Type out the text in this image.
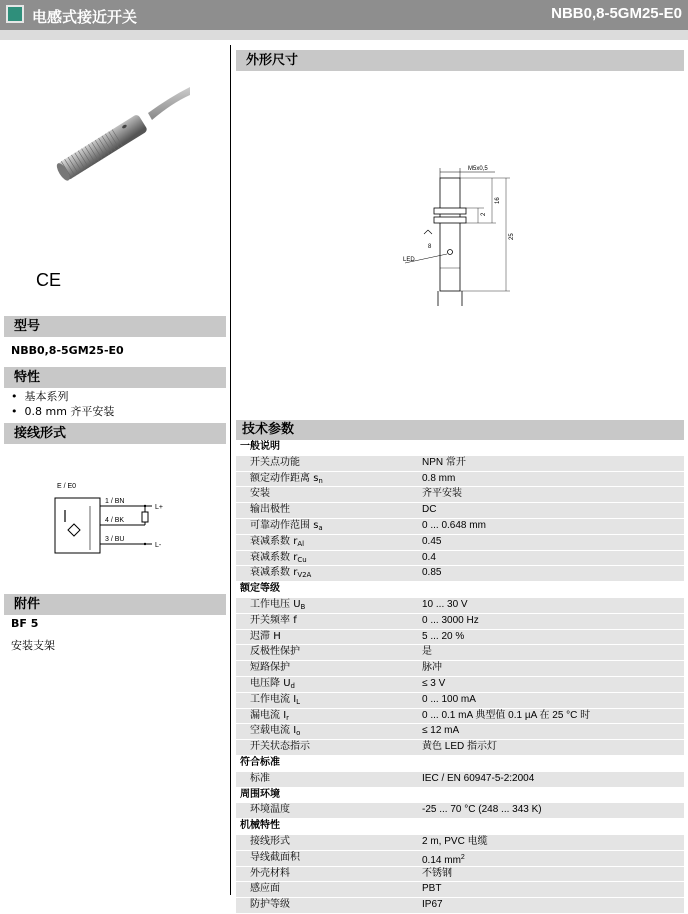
电感式接近开关	NBB0,8-5GM25-E0
CE
型号
NBB0,8-5GM25-E0
特性
•  基本系列
•  0.8 mm 齐平安装
接线形式
E / E0
1 / BN
4 / BK
3 / BU
L+
L-
附件
BF 5
安装支架
外形尺寸
M5x0,5
LED
8
2
16
25
技术参数
一般说明
开关点功能	NPN 常开
额定动作距离 $s_n$	0.8 mm
安装	齐平安装
输出极性	DC
可靠动作范围 $s_a$	0 ... 0.648 mm
衰减系数 $r_{Al}$	0.45
衰减系数 $r_{Cu}$	0.4
衰减系数 $r_{V2A}$	0.85
额定等级
工作电压 $U_B$	10 ... 30 V
开关频率 f	0 ... 3000 Hz
迟滞 H	5 ... 20 %
反极性保护	是
短路保护	脉冲
电压降 $U_d$	≤ 3 V
工作电流 $I_L$	0 ... 100 mA
漏电流 $I_r$	0 ... 0.1 mA 典型值 0.1 µA 在 25 °C 时
空载电流 $I_o$	≤ 12 mA
开关状态指示	黄色 LED 指示灯
符合标准
标准	IEC / EN 60947-5-2:2004
周围环境
环境温度	-25 ... 70 °C (248 ... 343 K)
机械特性
接线形式	2 m, PVC 电缆
导线截面积	0.14 $mm^2$
外壳材料	不锈钢
感应面	PBT
防护等级	IP67
